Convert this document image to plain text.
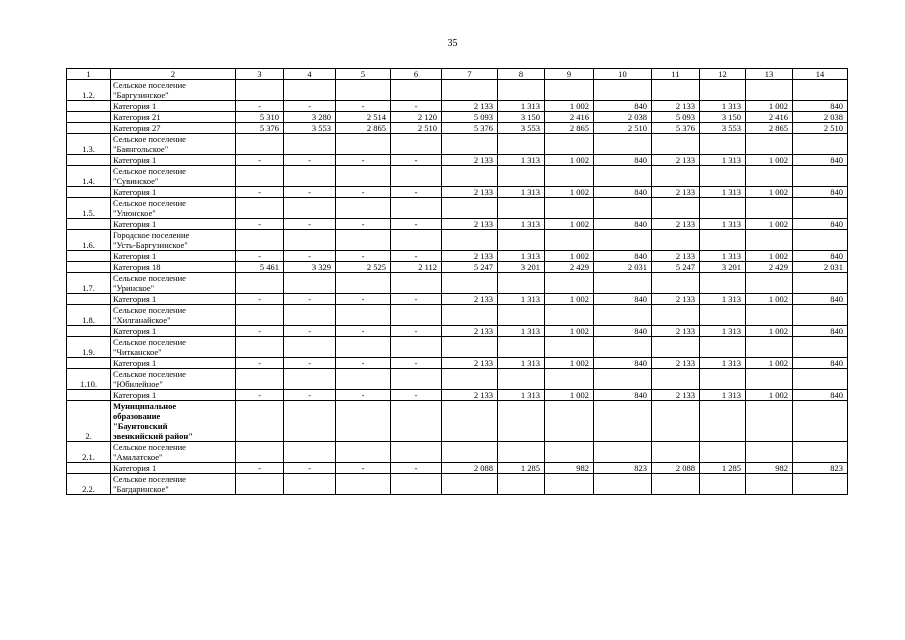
35
1	2	3	4	5	6	7	8	9	10	11	12	13	14
1.2.	Сельское поселение
"Баргузинское"												

	Категория 1	-	-	-	-	2 133	1 313	1 002	840	2 133	1 313	1 002	840
	Категория 21	5 310	3 280	2 514	2 120	5 093	3 150	2 416	2 038	5 093	3 150	2 416	2 038
	Категория 27	5 376	3 553	2 865	2 510	5 376	3 553	2 865	2 510	5 376	3 553	2 865	2 510
1.3.	Сельское поселение
"Баянгольское"												

	Категория 1	-	-	-	-	2 133	1 313	1 002	840	2 133	1 313	1 002	840
1.4.	Сельское поселение
"Сувинское"												

	Категория 1	-	-	-	-	2 133	1 313	1 002	840	2 133	1 313	1 002	840
1.5.	Сельское поселение
"Улюнское"												

	Категория 1	-	-	-	-	2 133	1 313	1 002	840	2 133	1 313	1 002	840
1.6.	Городское поселение
"Усть-Баргузинское"												

	Категория 1	-	-	-	-	2 133	1 313	1 002	840	2 133	1 313	1 002	840
	Категория 18	5 461	3 329	2 525	2 112	5 247	3 201	2 429	2 031	5 247	3 201	2 429	2 031
1.7.	Сельское поселение
"Уринское"												

	Категория 1	-	-	-	-	2 133	1 313	1 002	840	2 133	1 313	1 002	840
1.8.	Сельское поселение
"Хилганайское"												

	Категория 1	-	-	-	-	2 133	1 313	1 002	840	2 133	1 313	1 002	840
1.9.	Сельское поселение
"Читканское"												

	Категория 1	-	-	-	-	2 133	1 313	1 002	840	2 133	1 313	1 002	840
1.10.	Сельское поселение
"Юбилейное"												

	Категория 1	-	-	-	-	2 133	1 313	1 002	840	2 133	1 313	1 002	840
2.	Муниципальное
образование
"Баунтовский
эвенкийский район"												

2.1.	Сельское поселение
"Амалатское"												

	Категория 1	-	-	-	-	2 088	1 285	982	823	2 088	1 285	982	823
2.2.	Сельское поселение
"Багдаринское"												
